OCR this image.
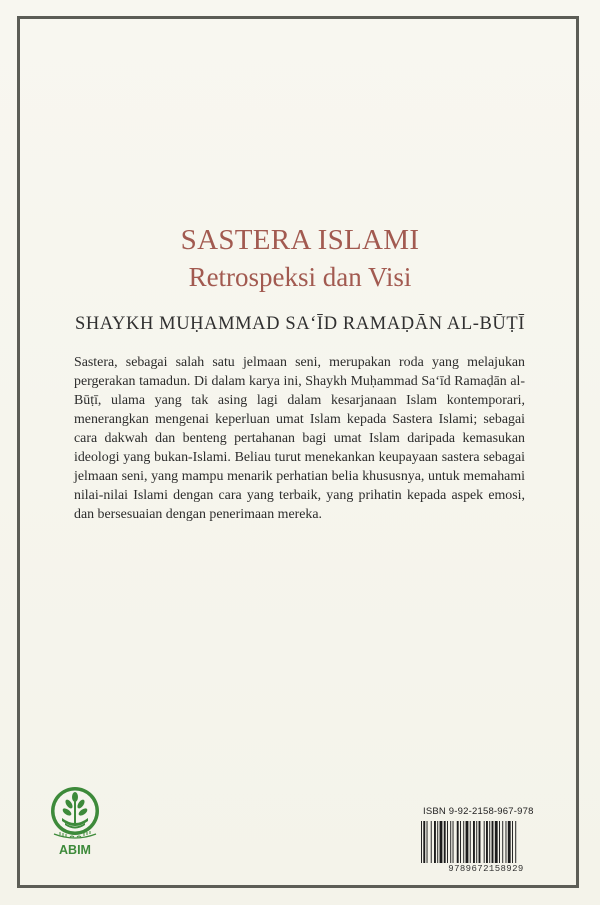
SASTERA ISLAMI
Retrospeksi dan Visi
SHAYKH MUḤAMMAD SA‘ĪD RAMAḌĀN AL-BŪṬĪ

Sastera, sebagai salah satu jelmaan seni, merupakan roda yang melajukan pergerakan tamadun. Di dalam karya ini, Shaykh Muḥammad Sa‘īd Ramaḍān al-Būṭī, ulama yang tak asing lagi dalam kesarjanaan Islam kontemporari, menerangkan mengenai keperluan umat Islam kepada Sastera Islami; sebagai cara dakwah dan benteng pertahanan bagi umat Islam daripada kemasukan ideologi yang bukan-Islami. Beliau turut menekankan keupayaan sastera sebagai jelmaan seni, yang mampu menarik perhatian belia khususnya, untuk memahami nilai-nilai Islami dengan cara yang terbaik, yang prihatin kepada aspek emosi, dan bersesuaian dengan penerimaan mereka.

ABIM
ISBN 9-92-2158-967-978
9789672158929
